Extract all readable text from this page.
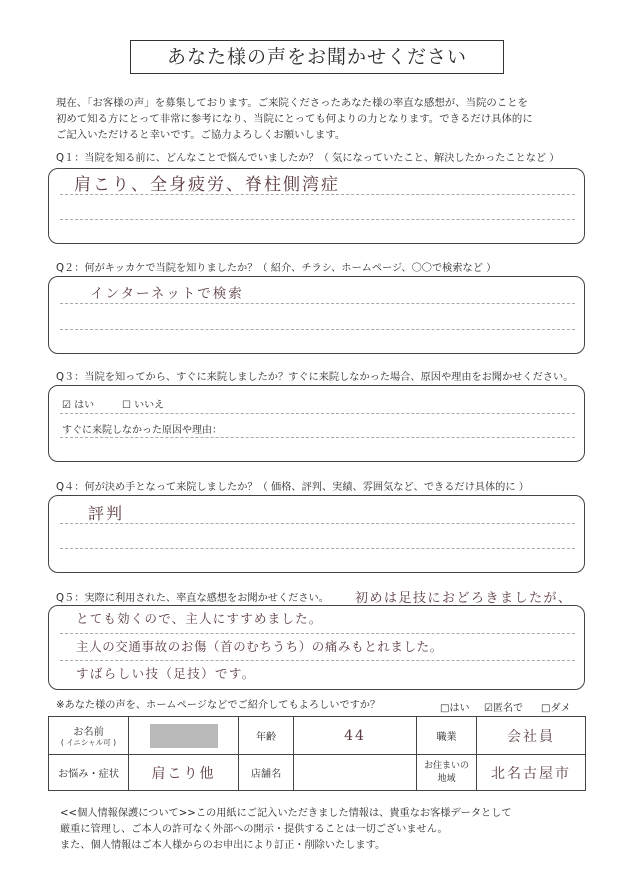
あなた様の声をお聞かせください
現在、「お客様の声」を募集しております。ご来院くださったあなた様の率直な感想が、当院のことを
初めて知る方にとって非常に参考になり、当院にとっても何よりの力となります。できるだけ具体的に
ご記入いただけると幸いです。ご協力よろしくお願いします。
Q１：当院を知る前に、どんなことで悩んでいましたか？（ 気になっていたこと、解決したかったことなど ）
肩こり、全身疲労、脊柱側湾症
Q２：何がキッカケで当院を知りましたか？（ 紹介、チラシ、ホームページ、〇〇で検索など ）
インターネットで検索
Q３：当院を知ってから、すぐに来院しましたか？すぐに来院しなかった場合、原因や理由をお聞かせください。
☑ はい	☐ いいえ
すぐに来院しなかった原因や理由：
Q４：何が決め手となって来院しましたか？（ 価格、評判、実績、雰囲気など、できるだけ具体的に ）
評判
Q５：実際に利用された、率直な感想をお聞かせください。 初めは足技におどろきましたが、
とても効くので、主人にすすめました。
主人の交通事故のお傷（首のむちうち）の痛みもとれました。
すばらしい技（足技）です。
※あなた様の声を、ホームページなどでご紹介してもよろしいですか？	□はい ☑匿名で □ダメ
お名前
( イニシャル可 )		年齢	44	職業	会社員
お悩み・症状	肩こり他	店舗名		お住まいの
地域	北名古屋市
<<個人情報保護について>>この用紙にご記入いただきました情報は、貴重なお客様データとして
厳重に管理し、ご本人の許可なく外部への開示・提供することは一切ございません。
また、個人情報はご本人様からのお申出により訂正・削除いたします。
